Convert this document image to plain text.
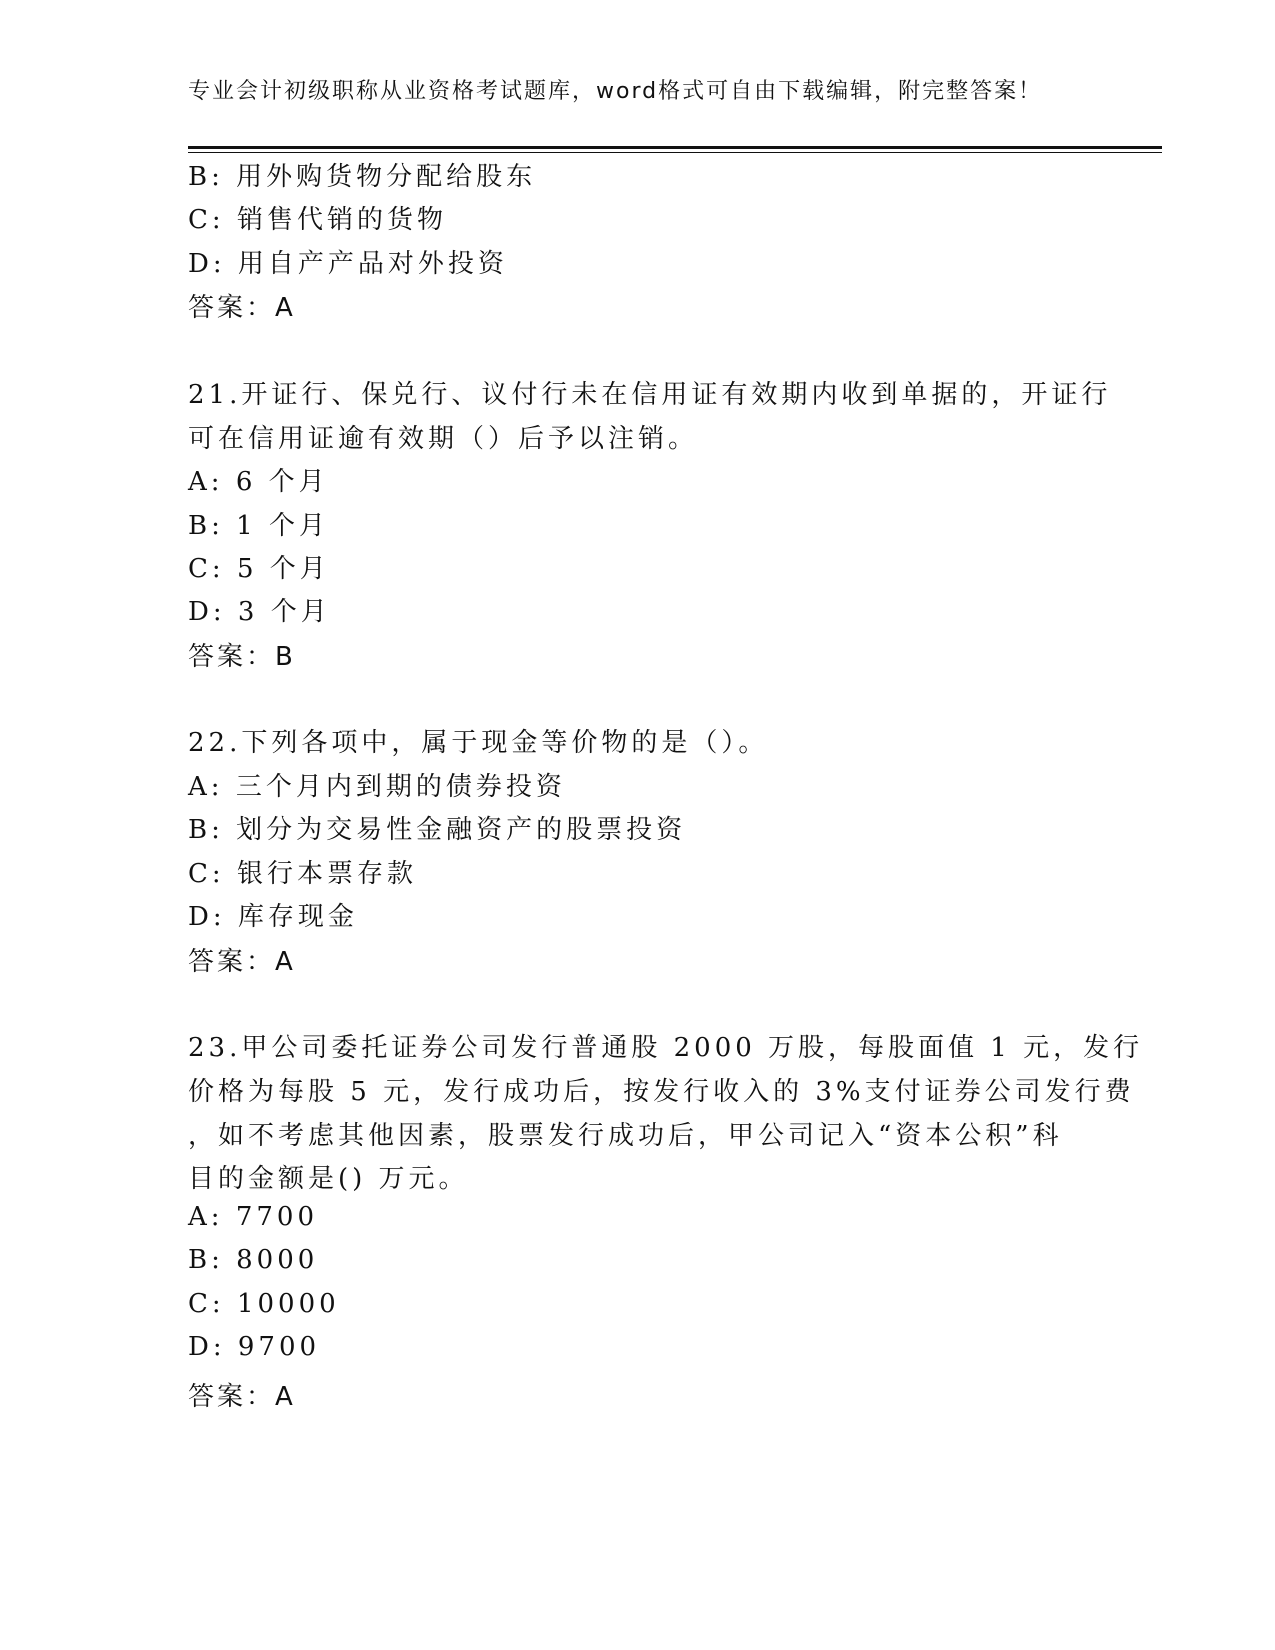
专业会计初级职称从业资格考试题库，word格式可自由下载编辑，附完整答案！
B: 用外购货物分配给股东
C: 销售代销的货物
D: 用自产产品对外投资
答案：A
21.开证行、保兑行、议付行未在信用证有效期内收到单据的，开证行
可在信用证逾有效期（）后予以注销。
A: 6 个月
B: 1 个月
C: 5 个月
D: 3 个月
答案：B
22.下列各项中，属于现金等价物的是（）。
A: 三个月内到期的债券投资
B: 划分为交易性金融资产的股票投资
C: 银行本票存款
D: 库存现金
答案：A
23.甲公司委托证券公司发行普通股 2000 万股，每股面值 1 元，发行
价格为每股 5 元，发行成功后，按发行收入的 3%支付证券公司发行费
，如不考虑其他因素，股票发行成功后，甲公司记入“资本公积”科
目的金额是() 万元。
A: 7700
B: 8000
C: 10000
D: 9700
答案：A
